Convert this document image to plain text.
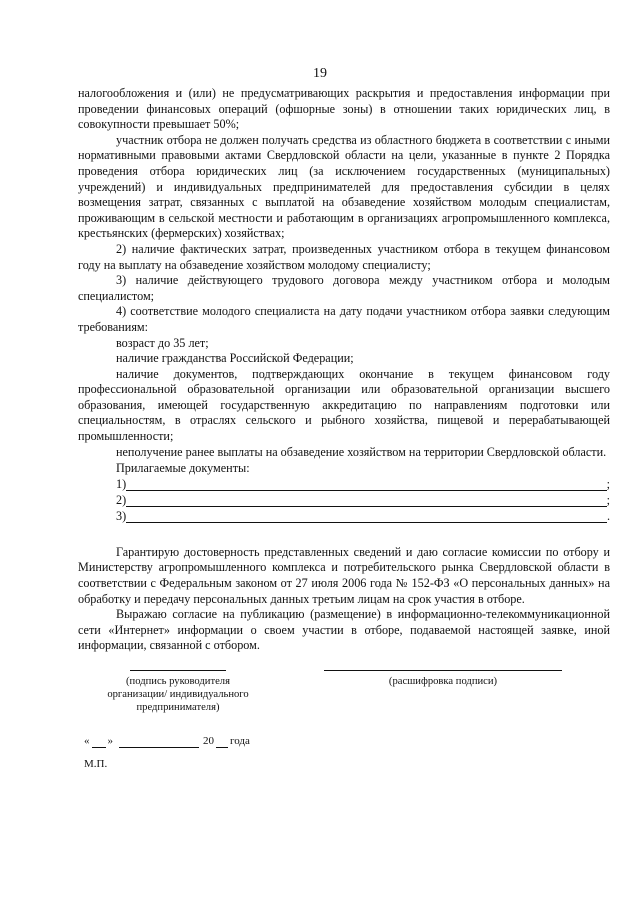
19

налогообложения и (или) не предусматривающих раскрытия и предоставления информации при проведении финансовых операций (офшорные зоны) в отношении таких юридических лиц, в совокупности превышает 50%;

участник отбора не должен получать средства из областного бюджета в соответствии с иными нормативными правовыми актами Свердловской области на цели, указанные в пункте 2 Порядка проведения отбора юридических лиц (за исключением государственных (муниципальных) учреждений) и индивидуальных предпринимателей для предоставления субсидии в целях возмещения затрат, связанных с выплатой на обзаведение хозяйством молодым специалистам, проживающим в сельской местности и работающим в организациях агропромышленного комплекса, крестьянских (фермерских) хозяйствах;

2) наличие фактических затрат, произведенных участником отбора в текущем финансовом году на выплату на обзаведение хозяйством молодому специалисту;

3) наличие действующего трудового договора между участником отбора и молодым специалистом;

4) соответствие молодого специалиста на дату подачи участником отбора заявки следующим требованиям:

возраст до 35 лет;

наличие гражданства Российской Федерации;

наличие документов, подтверждающих окончание в текущем финансовом году профессиональной образовательной организации или образовательной организации высшего образования, имеющей государственную аккредитацию по направлениям подготовки или специальностям, в отраслях сельского и рыбного хозяйства, пищевой и перерабатывающей промышленности;

неполучение ранее выплаты на обзаведение хозяйством на территории Свердловской области.

Прилагаемые документы:
1)	;
2)	;
3)	.

Гарантирую достоверность представленных сведений и даю согласие комиссии по отбору и Министерству агропромышленного комплекса и потребительского рынка Свердловской области в соответствии с Федеральным законом от 27 июля 2006 года № 152-ФЗ «О персональных данных» на обработку и передачу персональных данных третьим лицам на срок участия в отборе.

Выражаю согласие на публикацию (размещение) в информационно-телекоммуникационной сети «Интернет» информации о своем участии в отборе, подаваемой настоящей заявке, иной информации, связанной с отбором.

(подпись руководителя организации/ индивидуального предпринимателя)
(расшифровка подписи)
« »	20 года
М.П.
